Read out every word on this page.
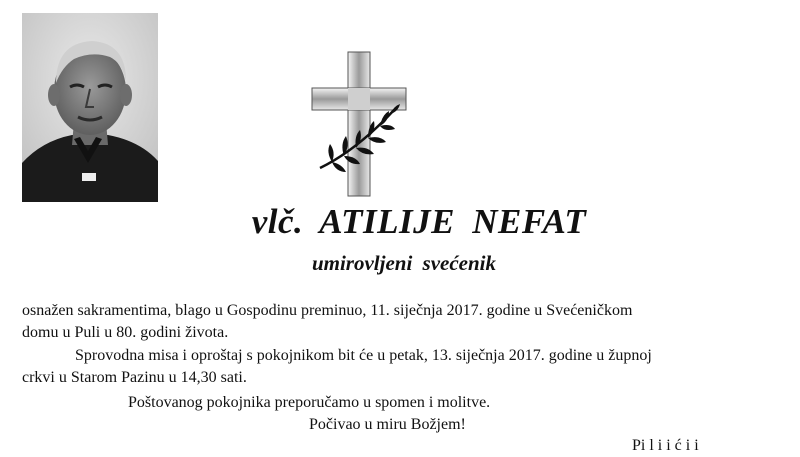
vlč. ATILIJE NEFAT
umirovljeni svećenik
osnažen sakramentima, blago u Gospodinu preminuo, 11. siječnja 2017. godine u Svećeničkom
domu u Puli u 80. godini života.
Sprovodna misa i oproštaj s pokojnikom bit će u petak, 13. siječnja 2017. godine u župnoj
crkvi u Starom Pazinu u 14,30 sati.
Poštovanog pokojnika preporučamo u spomen i molitve.
Počivao u miru Božjem!
Pi l i i ć i i
